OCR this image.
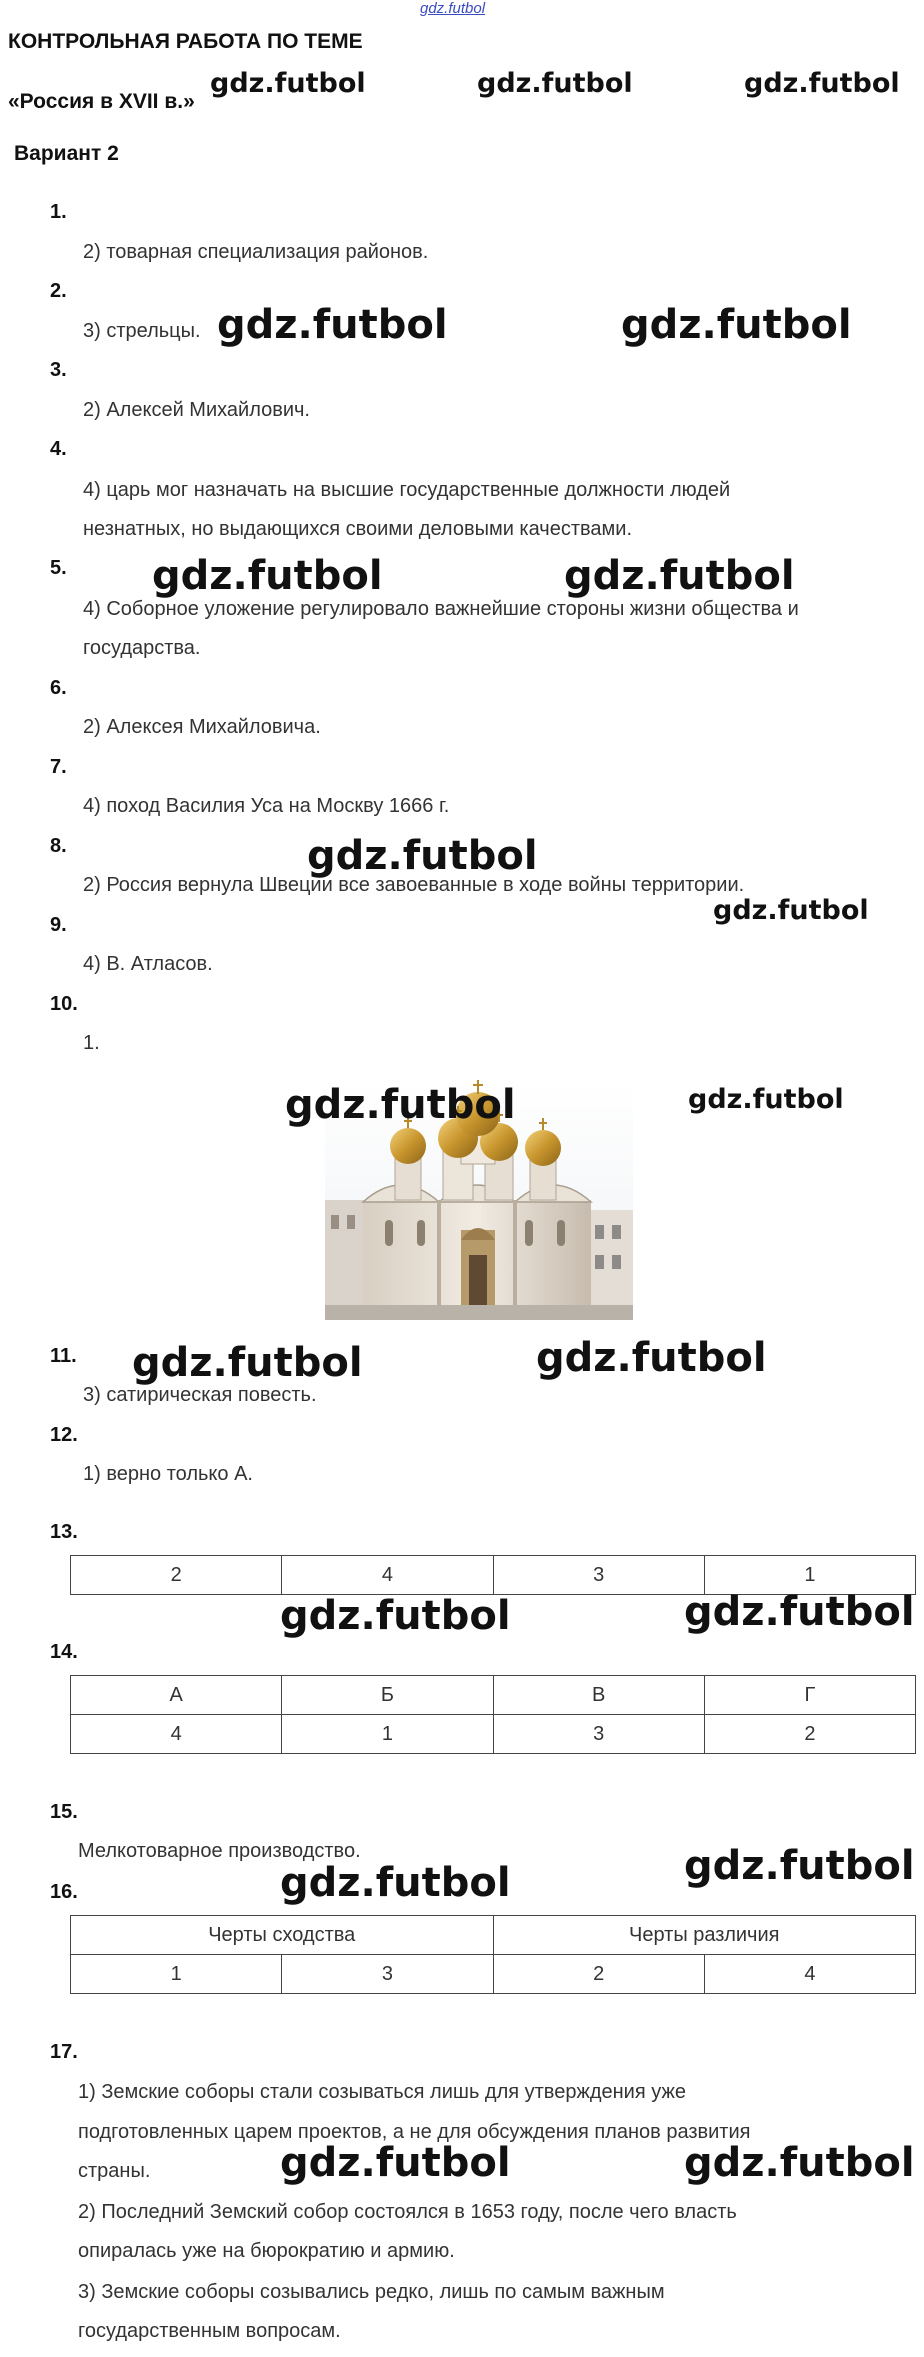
gdz.futbol
КОНТРОЛЬНАЯ РАБОТА ПО ТЕМЕ
«Россия в XVII в.»
Вариант 2
1.
2) товарная специализация районов.
2.
3) стрельцы.
3.
2) Алексей Михайлович.
4.
4) царь мог назначать на высшие государственные должности людей
незнатных, но выдающихся своими деловыми качествами.
5.
4) Соборное уложение регулировало важнейшие стороны жизни общества и
государства.
6.
2) Алексея Михайловича.
7.
4) поход Василия Уса на Москву 1666 г.
8.
2) Россия вернула Швеции все завоеванные в ходе войны территории.
9.
4) В. Атласов.
10.
1.
11.
3) сатирическая повесть.
12.
1) верно только А.
13.
2	4	3	1
14.
А	Б	В	Г
4	1	3	2
15.
Мелкотоварное производство.
16.
Черты сходства		Черты различия	
1	3	2	4
17.
1) Земские соборы стали созываться лишь для утверждения уже
подготовленных царем проектов, а не для обсуждения планов развития
страны.
2) Последний Земский собор состоялся в 1653 году, после чего власть
опиралась уже на бюрократию и армию.
3) Земские соборы созывались редко, лишь по самым важным
государственным вопросам.
gdz.futbol	gdz.futbol	gdz.futbol
gdz.futbol	gdz.futbol
gdz.futbol	gdz.futbol
gdz.futbol
gdz.futbol
gdz.futbol	gdz.futbol
gdz.futbol	gdz.futbol
gdz.futbol	gdz.futbol
gdz.futbol	gdz.futbol
gdz.futbol	gdz.futbol
